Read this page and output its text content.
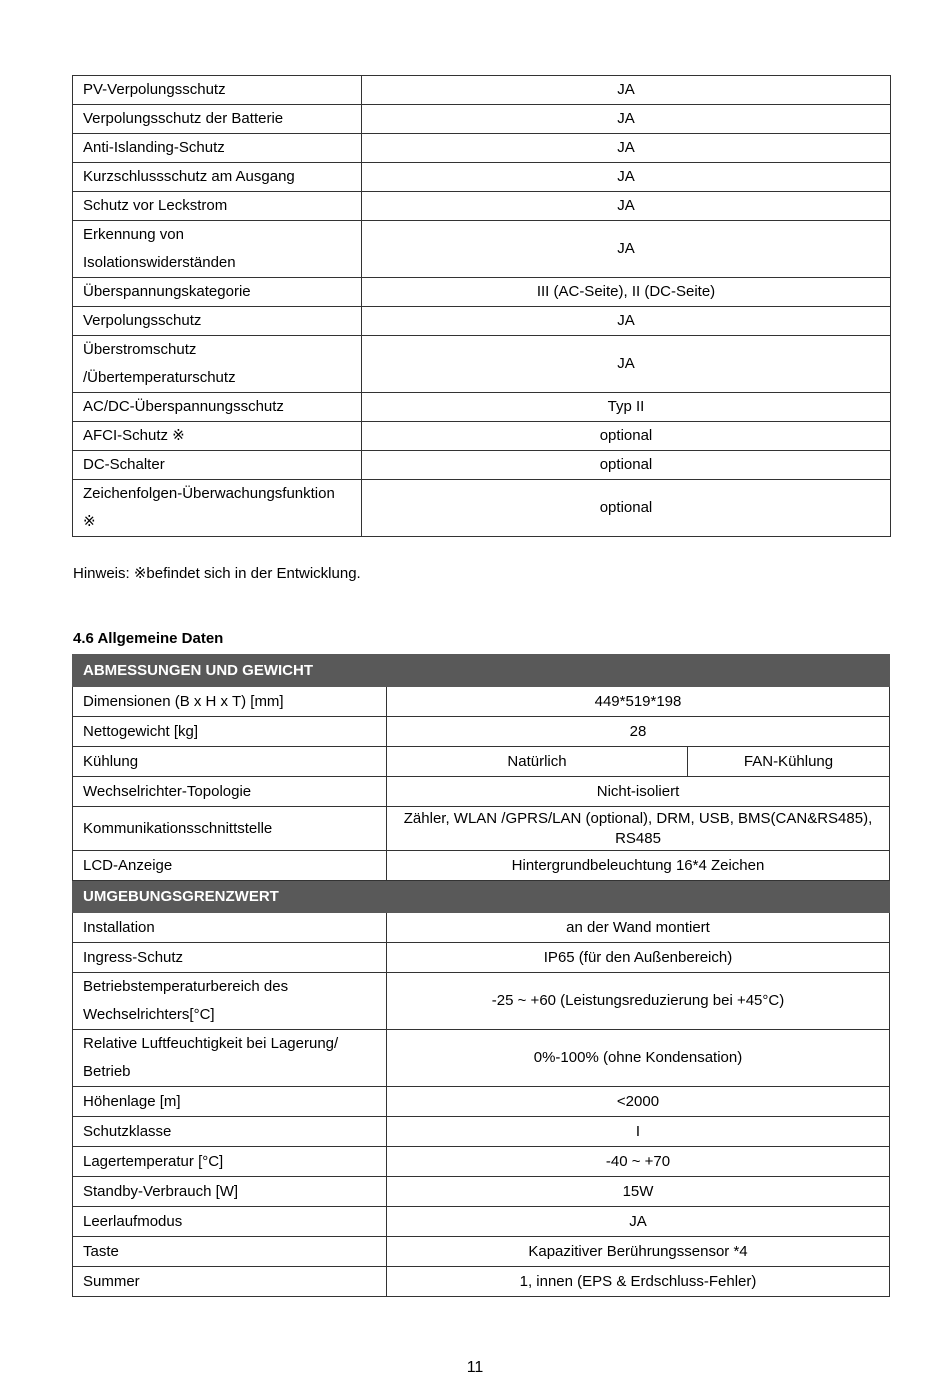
PV-Verpolungsschutz	JA
Verpolungsschutz der Batterie	JA
Anti-Islanding-Schutz	JA
Kurzschlussschutz am Ausgang	JA
Schutz vor Leckstrom	JA

Erkennung von
Isolationswiderständen	JA
Überspannungskategorie	III (AC-Seite), II (DC-Seite)
Verpolungsschutz	JA

Überstromschutz
/Übertemperaturschutz	JA
AC/DC-Überspannungsschutz	Typ II
AFCI-Schutz ※	optional
DC-Schalter	optional

Zeichenfolgen-Überwachungsfunktion
※	optional
Hinweis: ※befindet sich in der Entwicklung.
4.6 Allgemeine Daten
ABMESSUNGEN UND GEWICHT		
Dimensionen (B x H x T) [mm]	449*519*198	
Nettogewicht [kg]	28	
Kühlung	Natürlich	FAN-Kühlung
Wechselrichter-Topologie	Nicht-isoliert	
Kommunikationsschnittstelle	Zähler, WLAN /GPRS/LAN (optional), DRM, USB, BMS(CAN&RS485),
RS485	

LCD-Anzeige	Hintergrundbeleuchtung 16*4 Zeichen	
UMGEBUNGSGRENZWERT		
Installation	an der Wand montiert	
Ingress-Schutz	IP65 (für den Außenbereich)	

Betriebstemperaturbereich des
Wechselrichters[°C]	-25 ~ +60 (Leistungsreduzierung bei +45°C)	

Relative Luftfeuchtigkeit bei Lagerung/
Betrieb	0%-100% (ohne Kondensation)	
Höhenlage [m]	<2000	
Schutzklasse	I	
Lagertemperatur [°C]	-40 ~ +70	
Standby-Verbrauch [W]	15W	
Leerlaufmodus	JA	
Taste	Kapazitiver Berührungssensor *4	
Summer	1, innen (EPS & Erdschluss-Fehler)	
11
